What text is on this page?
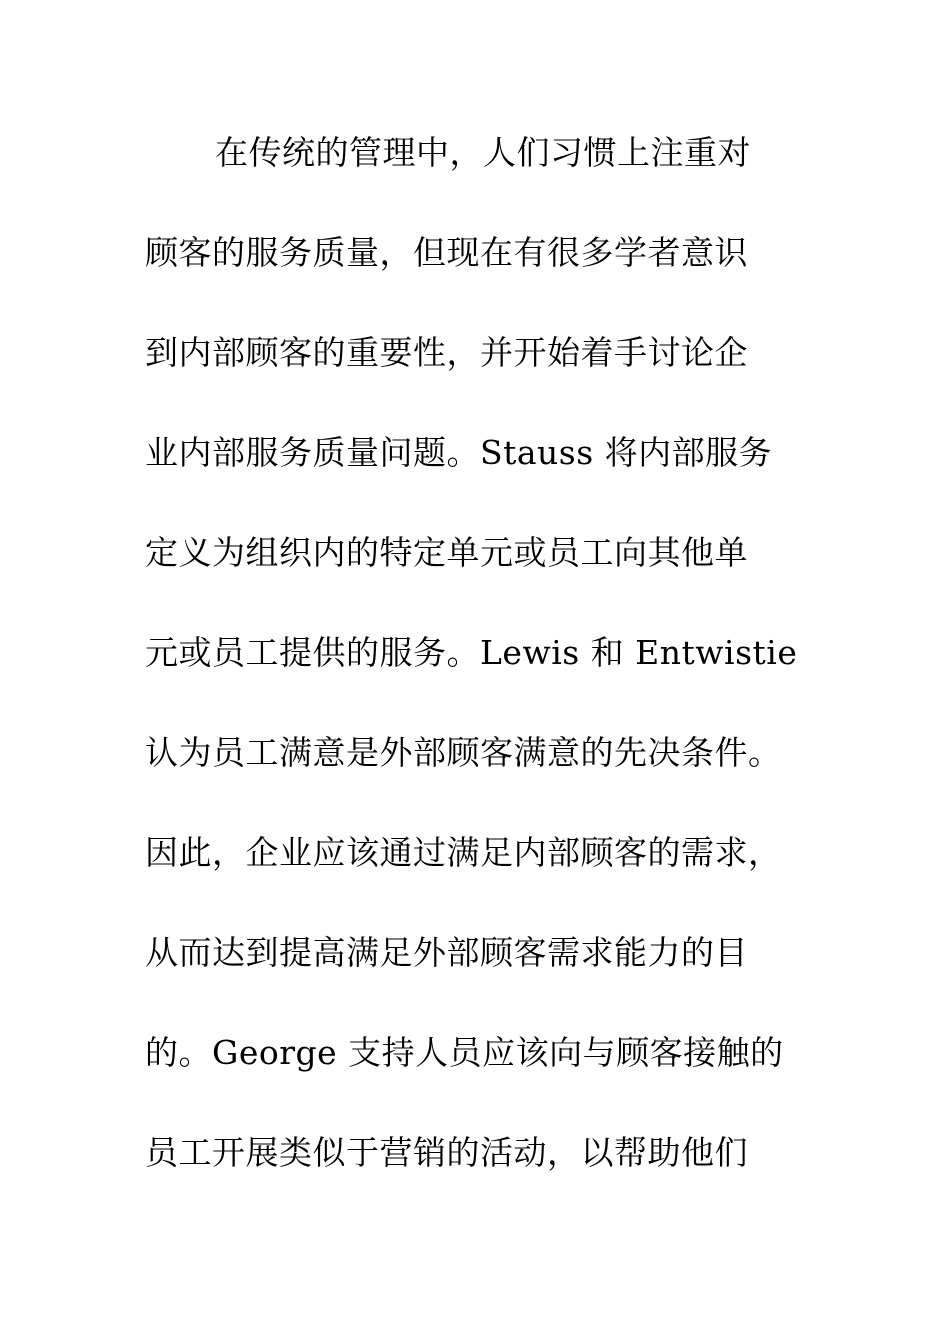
在传统的管理中，人们习惯上注重对
顾客的服务质量，但现在有很多学者意识
到内部顾客的重要性，并开始着手讨论企
业内部服务质量问题。Stauss 将内部服务
定义为组织内的特定单元或员工向其他单
元或员工提供的服务。Lewis 和 Entwistie
认为员工满意是外部顾客满意的先决条件。
因此，企业应该通过满足内部顾客的需求，
从而达到提高满足外部顾客需求能力的目
的。George 支持人员应该向与顾客接触的
员工开展类似于营销的活动，以帮助他们
